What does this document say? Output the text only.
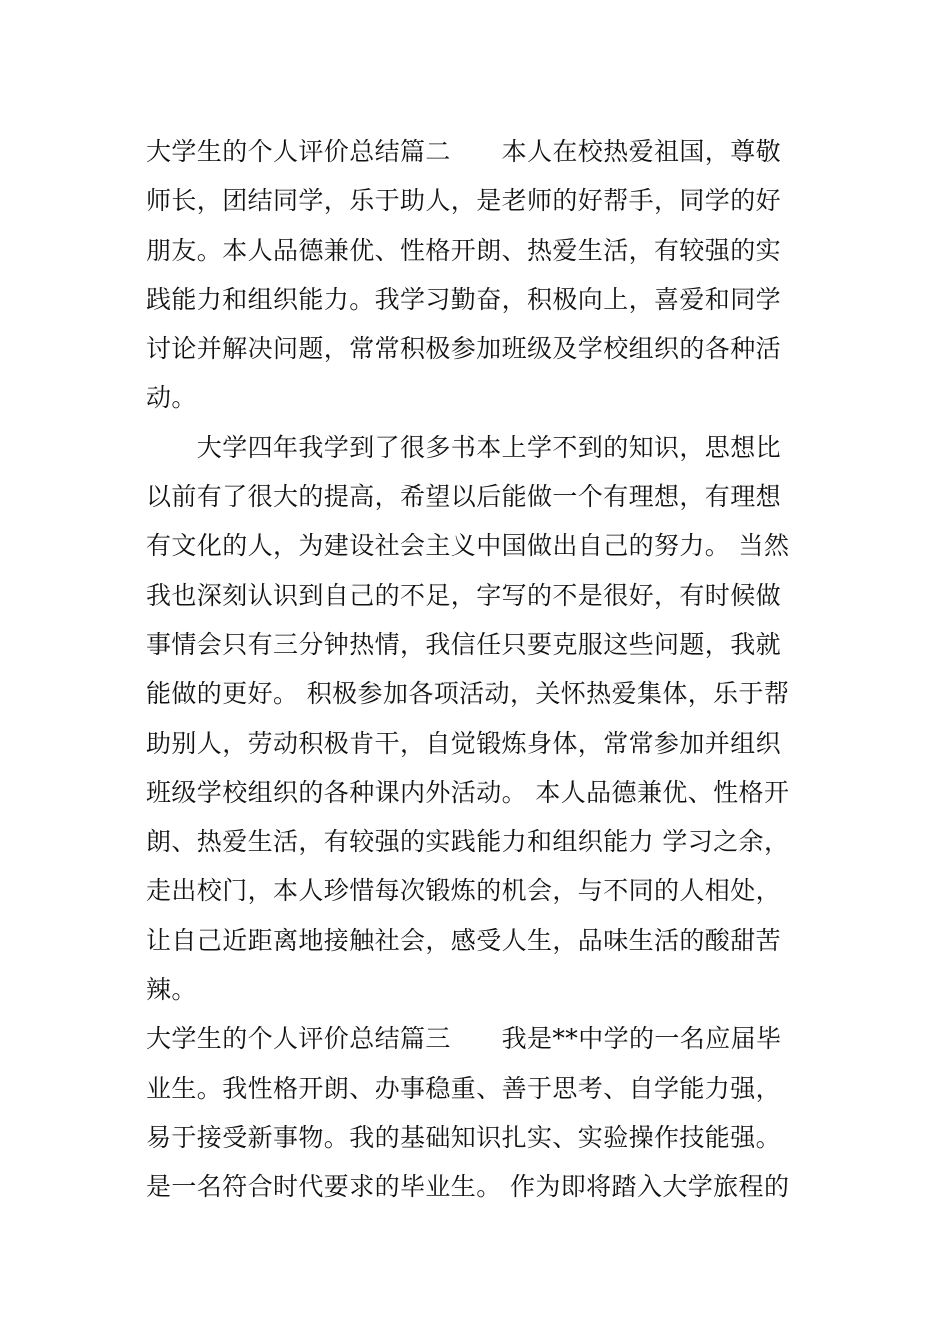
大学生的个人评价总结篇二　　本人在校热爱祖国，尊敬
师长，团结同学，乐于助人，是老师的好帮手，同学的好
朋友。本人品德兼优、性格开朗、热爱生活，有较强的实
践能力和组织能力。我学习勤奋，积极向上，喜爱和同学
讨论并解决问题，常常积极参加班级及学校组织的各种活
动。
　　大学四年我学到了很多书本上学不到的知识，思想比
以前有了很大的提高，希望以后能做一个有理想，有理想
有文化的人，为建设社会主义中国做出自己的努力。 当然
我也深刻认识到自己的不足，字写的不是很好，有时候做
事情会只有三分钟热情，我信任只要克服这些问题，我就
能做的更好。 积极参加各项活动，关怀热爱集体，乐于帮
助别人，劳动积极肯干，自觉锻炼身体，常常参加并组织
班级学校组织的各种课内外活动。 本人品德兼优、性格开
朗、热爱生活，有较强的实践能力和组织能力 学习之余，
走出校门，本人珍惜每次锻炼的机会，与不同的人相处，
让自己近距离地接触社会，感受人生，品味生活的酸甜苦
辣。
大学生的个人评价总结篇三　　我是**中学的一名应届毕
业生。我性格开朗、办事稳重、善于思考、自学能力强，
易于接受新事物。我的基础知识扎实、实验操作技能强。
是一名符合时代要求的毕业生。 作为即将踏入大学旅程的
